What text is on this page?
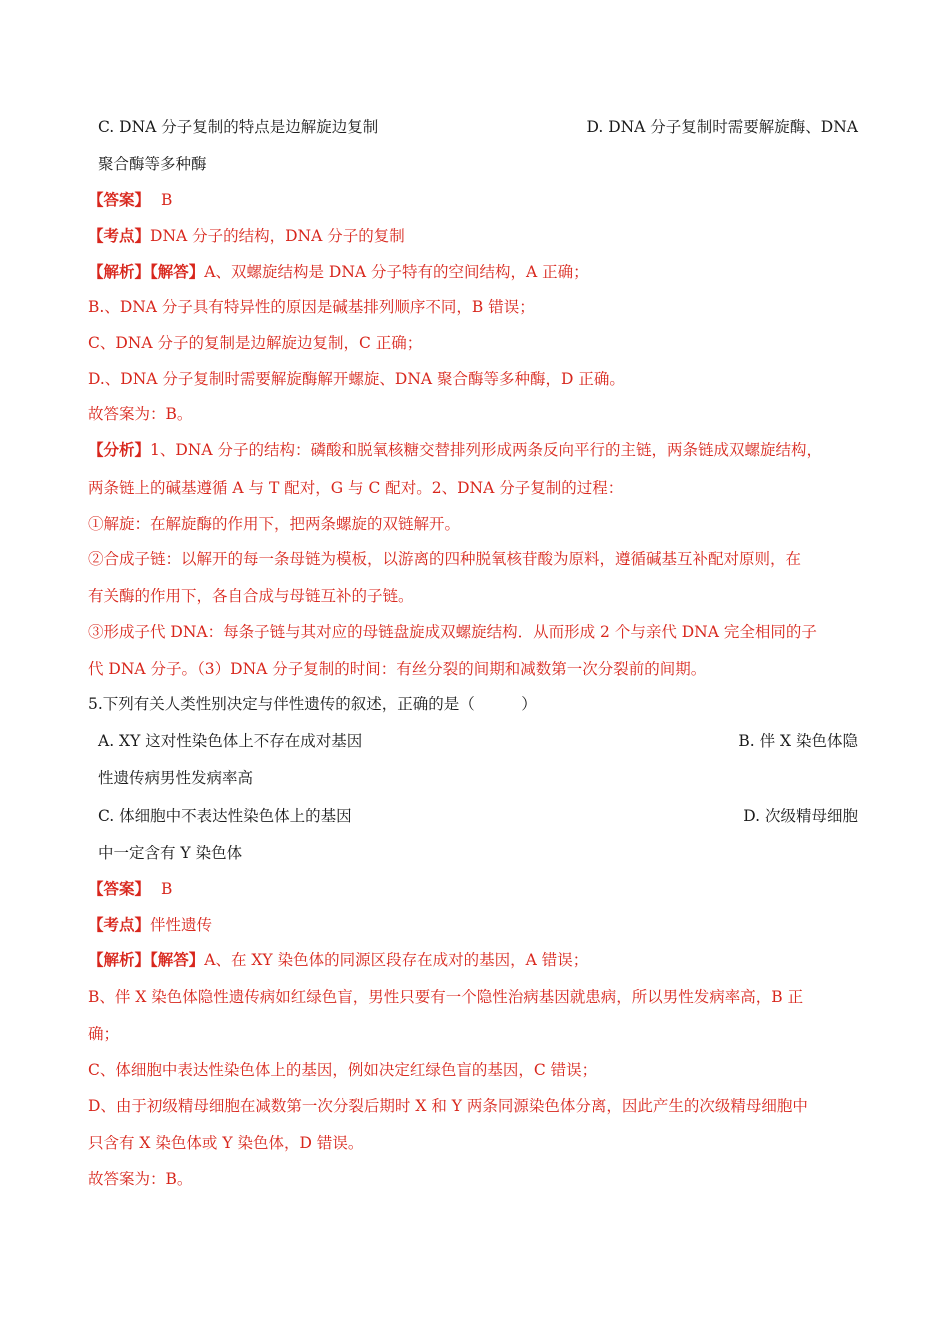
C. DNA 分子复制的特点是边解旋边复制	D. DNA 分子复制时需要解旋酶、DNA
聚合酶等多种酶
【答案】 B
【考点】DNA 分子的结构，DNA 分子的复制
【解析】【解答】A、双螺旋结构是 DNA 分子特有的空间结构，A 正确；
B.、DNA 分子具有特异性的原因是碱基排列顺序不同，B 错误；
C、DNA 分子的复制是边解旋边复制，C 正确；
D.、DNA 分子复制时需要解旋酶解开螺旋、DNA 聚合酶等多种酶，D 正确。
故答案为：B。
【分析】1、DNA 分子的结构：磷酸和脱氧核糖交替排列形成两条反向平行的主链，两条链成双螺旋结构，
两条链上的碱基遵循 A 与 T 配对，G 与 C 配对。2、DNA 分子复制的过程：
①解旋：在解旋酶的作用下，把两条螺旋的双链解开。
②合成子链：以解开的每一条母链为模板，以游离的四种脱氧核苷酸为原料，遵循碱基互补配对原则，在
有关酶的作用下，各自合成与母链互补的子链。
③形成子代 DNA：每条子链与其对应的母链盘旋成双螺旋结构．从而形成 2 个与亲代 DNA 完全相同的子
代 DNA 分子。（3）DNA 分子复制的时间：有丝分裂的间期和减数第一次分裂前的间期。
5.下列有关人类性别决定与伴性遗传的叙述，正确的是（　　　）
A. XY 这对性染色体上不存在成对基因	B. 伴 X 染色体隐
性遗传病男性发病率高
C. 体细胞中不表达性染色体上的基因	D. 次级精母细胞
中一定含有 Y 染色体
【答案】 B
【考点】伴性遗传
【解析】【解答】A、在 XY 染色体的同源区段存在成对的基因，A 错误；
B、伴 X 染色体隐性遗传病如红绿色盲，男性只要有一个隐性治病基因就患病，所以男性发病率高，B 正
确；
C、体细胞中表达性染色体上的基因，例如决定红绿色盲的基因，C 错误；
D、由于初级精母细胞在减数第一次分裂后期时 X 和 Y 两条同源染色体分离，因此产生的次级精母细胞中
只含有 X 染色体或 Y 染色体，D 错误。
故答案为：B。
